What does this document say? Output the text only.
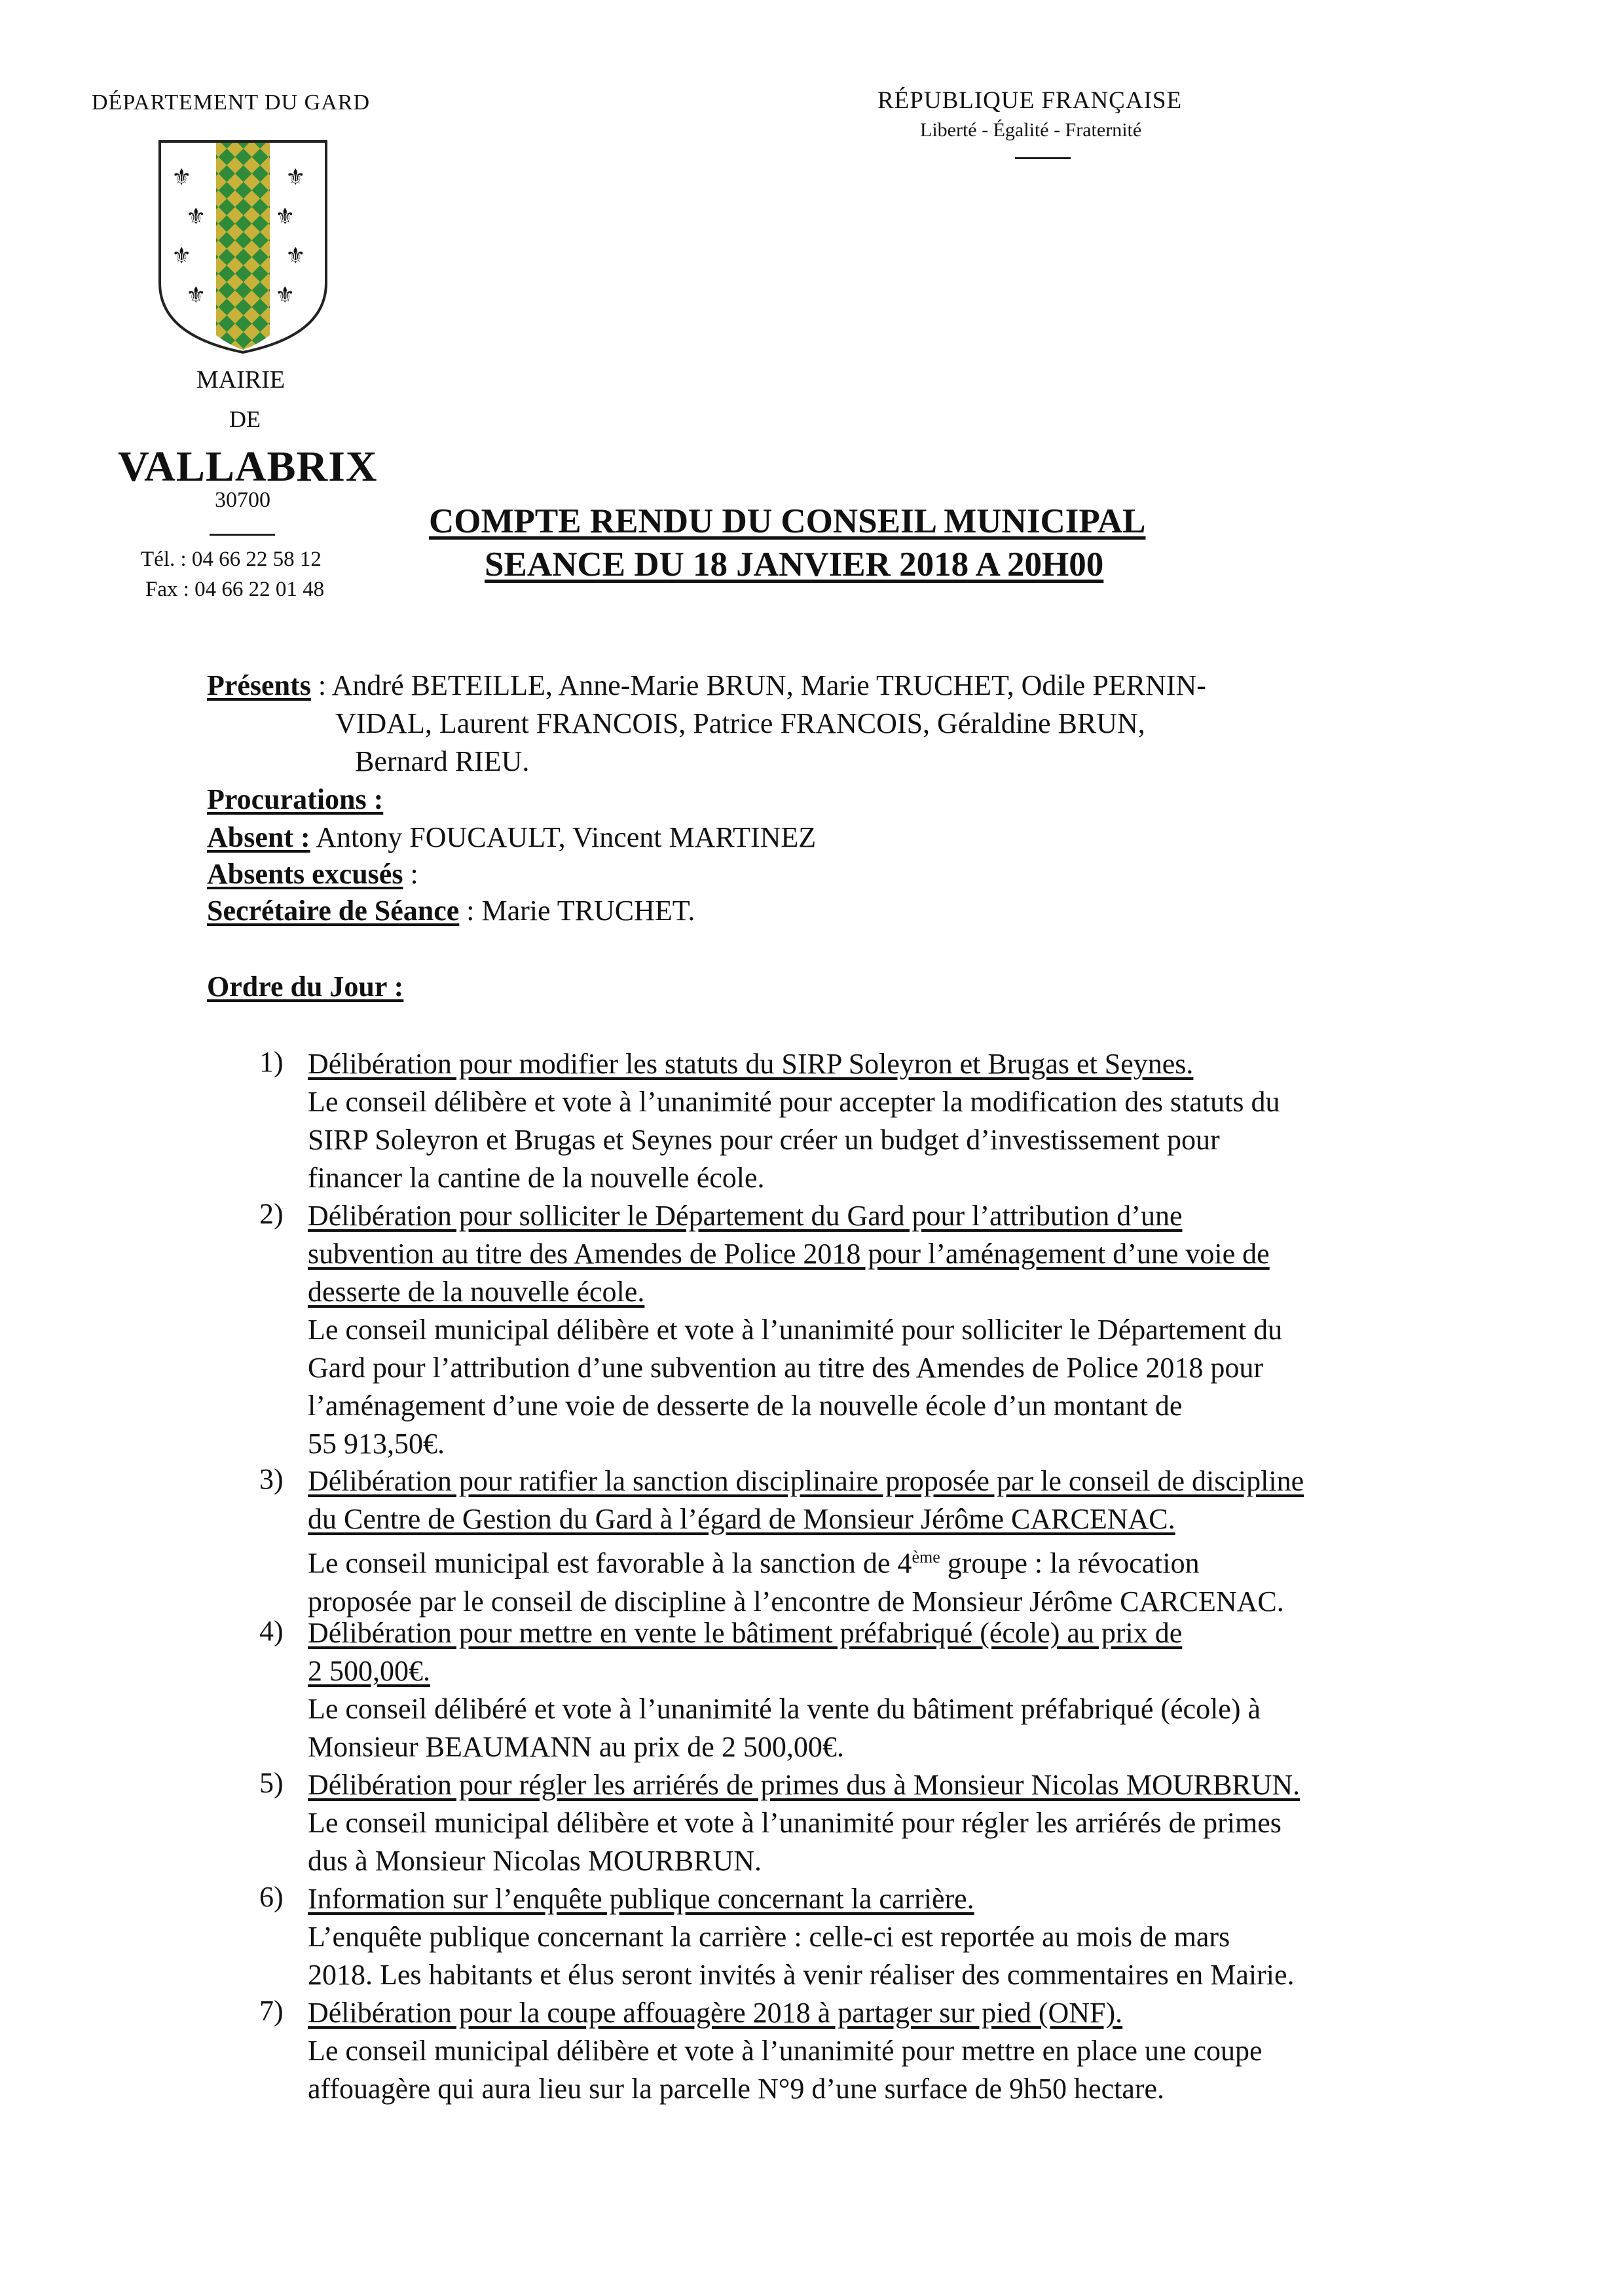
DÉPARTEMENT DU GARD
⚜	⚜
⚜	⚜
⚜	⚜
⚜	⚜
MAIRIE
DE
VALLABRIX
30700
Tél. : 04 66 22 58 12
Fax : 04 66 22 01 48
RÉPUBLIQUE FRANÇAISE
Liberté - Égalité - Fraternité
COMPTE RENDU DU CONSEIL MUNICIPAL
SEANCE DU 18 JANVIER 2018 A 20H00
Présents : André BETEILLE, Anne-Marie BRUN, Marie TRUCHET, Odile PERNIN-
VIDAL, Laurent FRANCOIS, Patrice FRANCOIS, Géraldine BRUN,
Bernard RIEU.
Procurations :
Absent : Antony FOUCAULT, Vincent MARTINEZ
Absents excusés :
Secrétaire de Séance : Marie TRUCHET.
Ordre du Jour :
1) Délibération pour modifier les statuts du SIRP Soleyron et Brugas et Seynes.

Le conseil délibère et vote à l’unanimité pour accepter la modification des statuts du

SIRP Soleyron et Brugas et Seynes pour créer un budget d’investissement pour

financer la cantine de la nouvelle école.

2) Délibération pour solliciter le Département du Gard pour l’attribution d’une

subvention au titre des Amendes de Police 2018 pour l’aménagement d’une voie de

desserte de la nouvelle école.

Le conseil municipal délibère et vote à l’unanimité pour solliciter le Département du

Gard pour l’attribution d’une subvention au titre des Amendes de Police 2018 pour

l’aménagement d’une voie de desserte de la nouvelle école d’un montant de

55 913,50€.

3) Délibération pour ratifier la sanction disciplinaire proposée par le conseil de discipline

du Centre de Gestion du Gard à l’égard de Monsieur Jérôme CARCENAC.

Le conseil municipal est favorable à la sanction de 4ème groupe : la révocation

proposée par le conseil de discipline à l’encontre de Monsieur Jérôme CARCENAC.

4) Délibération pour mettre en vente le bâtiment préfabriqué (école) au prix de

2 500,00€.

Le conseil délibéré et vote à l’unanimité la vente du bâtiment préfabriqué (école) à

Monsieur BEAUMANN au prix de 2 500,00€.

5) Délibération pour régler les arriérés de primes dus à Monsieur Nicolas MOURBRUN.

Le conseil municipal délibère et vote à l’unanimité pour régler les arriérés de primes

dus à Monsieur Nicolas MOURBRUN.

6) Information sur l’enquête publique concernant la carrière.

L’enquête publique concernant la carrière : celle-ci est reportée au mois de mars

2018. Les habitants et élus seront invités à venir réaliser des commentaires en Mairie.

7) Délibération pour la coupe affouagère 2018 à partager sur pied (ONF).

Le conseil municipal délibère et vote à l’unanimité pour mettre en place une coupe

affouagère qui aura lieu sur la parcelle N°9 d’une surface de 9h50 hectare.
